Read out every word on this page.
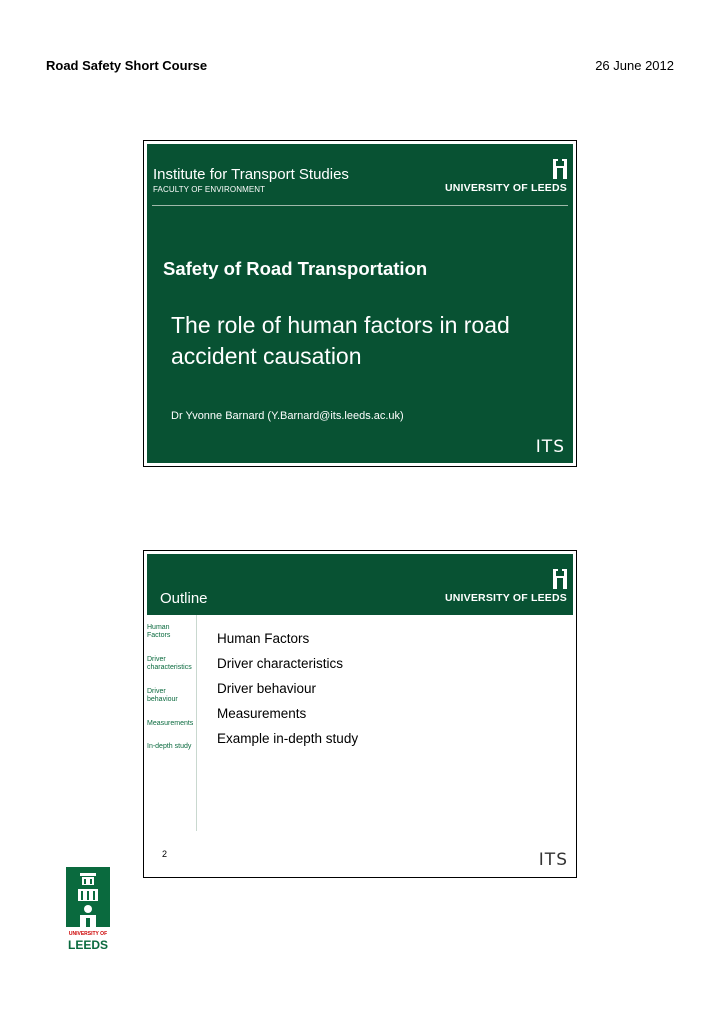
Road Safety Short Course	26 June 2012
Institute for Transport Studies
FACULTY OF ENVIRONMENT	UNIVERSITY OF LEEDS
Safety of Road Transportation
The role of human factors in road accident causation
Dr Yvonne Barnard (Y.Barnard@its.leeds.ac.uk)
ITS
Outline	UNIVERSITY OF LEEDS
Human Factors
Driver characteristics
Driver behaviour
Measurements
In-depth study
Human Factors
Driver characteristics
Driver behaviour
Measurements
Example in-depth study
2	ITS
UNIVERSITY OF
LEEDS
